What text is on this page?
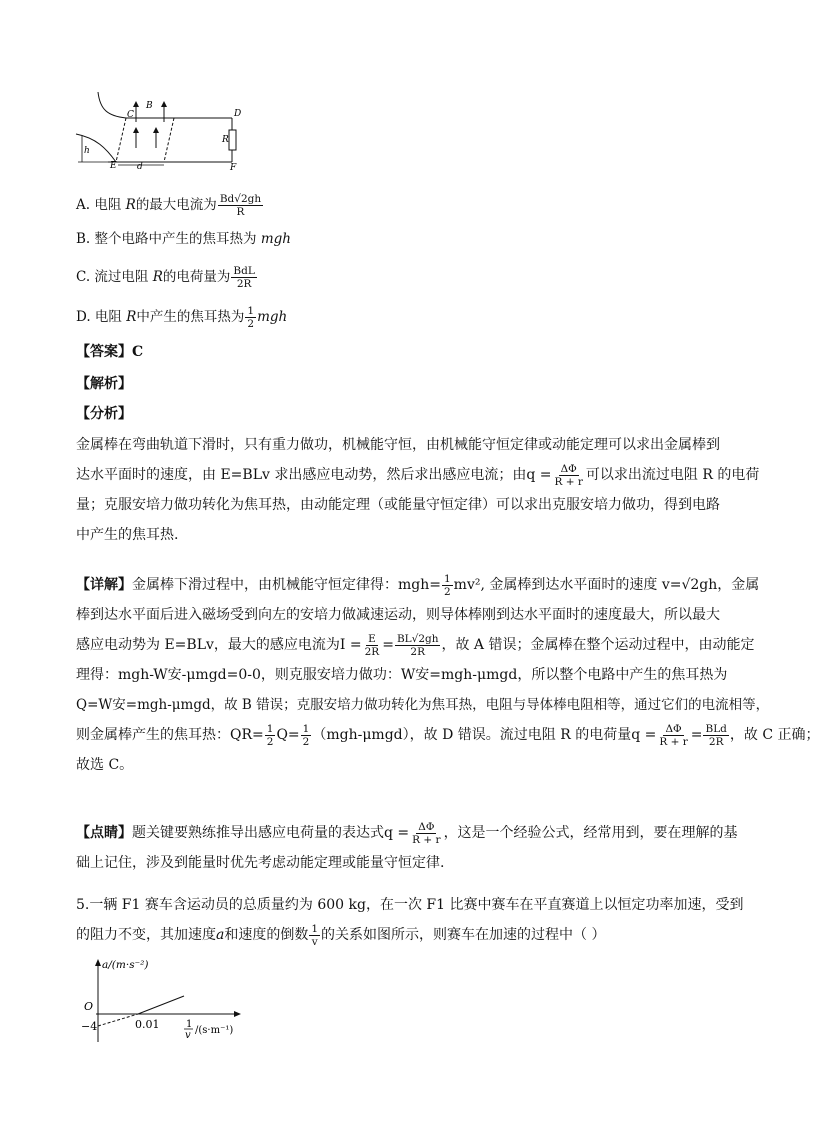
B
C	D
R
h
E d	F
A. 电阻 R的最大电流为 $\frac{Bd√2gh}{R}$
B. 整个电路中产生的焦耳热为 mgh
C. 流过电阻 R的电荷量为 $\frac{\text{BdL}}{2R}$
D. 电阻 R中产生的焦耳热为 $\frac{1}{2}$ mgh
【答案】C
【解析】
【分析】

金属棒在弯曲轨道下滑时，只有重力做功，机械能守恒，由机械能守恒定律或动能定理可以求出金属棒到

达水平面时的速度，由 E=BLv 求出感应电动势，然后求出感应电流；由$q = \frac{\Delta\Phi}{R + r}$ 可以求出流过电阻 R 的电荷

量；克服安培力做功转化为焦耳热，由动能定理（或能量守恒定律）可以求出克服安培力做功，得到电路

中产生的焦耳热.

【详解】金属棒下滑过程中，由机械能守恒定律得：$mgh= \frac{1}{2} mv^2$, 金属棒到达水平面时的速度 v=√2gh，金属

棒到达水平面后进入磁场受到向左的安培力做减速运动，则导体棒刚到达水平面时的速度最大，所以最大

感应电动势为 E=BLv，最大的感应电流为$I = \frac{E}{2R} = \frac{BL√2gh}{2R}$ ，故 A 错误；金属棒在整个运动过程中，由动能定

理得：mgh-W安-μmgd=0-0，则克服安培力做功：W安=mgh-μmgd，所以整个电路中产生的焦耳热为

Q=W安=mgh-μmgd，故 B 错误；克服安培力做功转化为焦耳热，电阻与导体棒电阻相等，通过它们的电流相等，

则金属棒产生的焦耳热：$QR= \frac{1}{2} Q= \frac{1}{2} (mgh-\mu mgd)$，故 D 错误。流过电阻 R 的电荷量$q = \frac{\Delta\Phi}{R + r} = \frac{\text{BLd}}{2R}$ ，故 C 正确；

故选 C。

【点睛】题关键要熟练推导出感应电荷量的表达式$q = \frac{\Delta\Phi}{R + r}$ ，这是一个经验公式，经常用到，要在理解的基

础上记住，涉及到能量时优先考虑动能定理或能量守恒定律.

5.一辆 F1 赛车含运动员的总质量约为 600 kg，在一次 F1 比赛中赛车在平直赛道上以恒定功率加速，受到

的阻力不变，其加速度a和速度的倒数 $\frac{1}{v}$ 的关系如图所示，则赛车在加速的过程中（ ）

a/(m·s⁻²)
O
−4	0.01	1
v /(s·m⁻¹)
